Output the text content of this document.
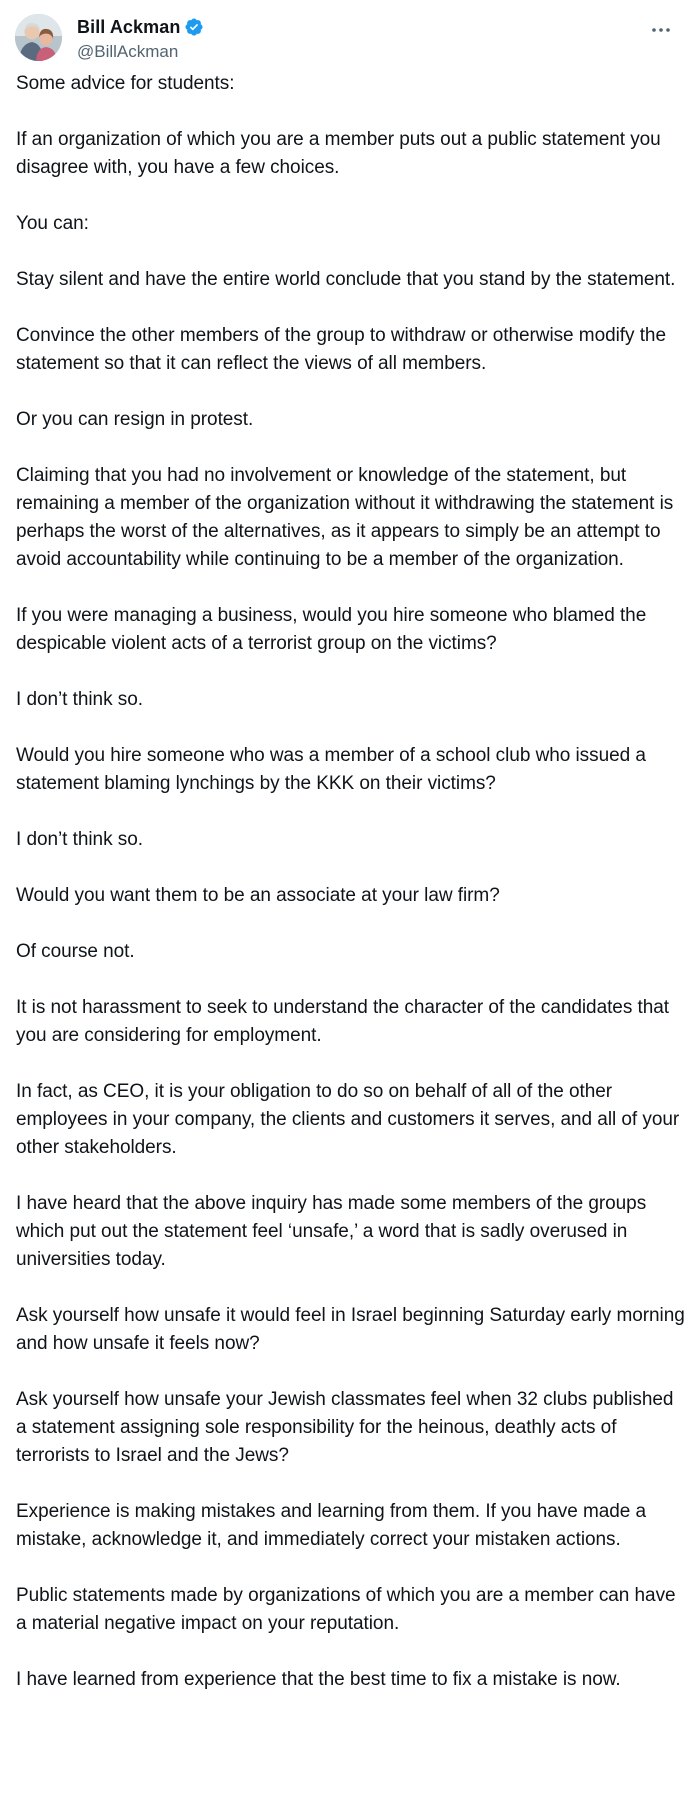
Bill Ackman
@BillAckman

Some advice for students:

If an organization of which you are a member puts out a public statement you disagree with, you have a few choices.

You can:

Stay silent and have the entire world conclude that you stand by the statement.

Convince the other members of the group to withdraw or otherwise modify the statement so that it can reflect the views of all members.

Or you can resign in protest.

Claiming that you had no involvement or knowledge of the statement, but remaining a member of the organization without it withdrawing the statement is perhaps the worst of the alternatives, as it appears to simply be an attempt to avoid accountability while continuing to be a member of the organization.

If you were managing a business, would you hire someone who blamed the despicable violent acts of a terrorist group on the victims?

I don’t think so.

Would you hire someone who was a member of a school club who issued a statement blaming lynchings by the KKK on their victims?

I don’t think so.

Would you want them to be an associate at your law firm?

Of course not.

It is not harassment to seek to understand the character of the candidates that you are considering for employment.

In fact, as CEO, it is your obligation to do so on behalf of all of the other employees in your company, the clients and customers it serves, and all of your other stakeholders.

I have heard that the above inquiry has made some members of the groups which put out the statement feel ‘unsafe,’ a word that is sadly overused in universities today.

Ask yourself how unsafe it would feel in Israel beginning Saturday early morning and how unsafe it feels now?

Ask yourself how unsafe your Jewish classmates feel when 32 clubs published a statement assigning sole responsibility for the heinous, deathly acts of terrorists to Israel and the Jews?

Experience is making mistakes and learning from them. If you have made a mistake, acknowledge it, and immediately correct your mistaken actions.

Public statements made by organizations of which you are a member can have a material negative impact on your reputation.

I have learned from experience that the best time to fix a mistake is now.
